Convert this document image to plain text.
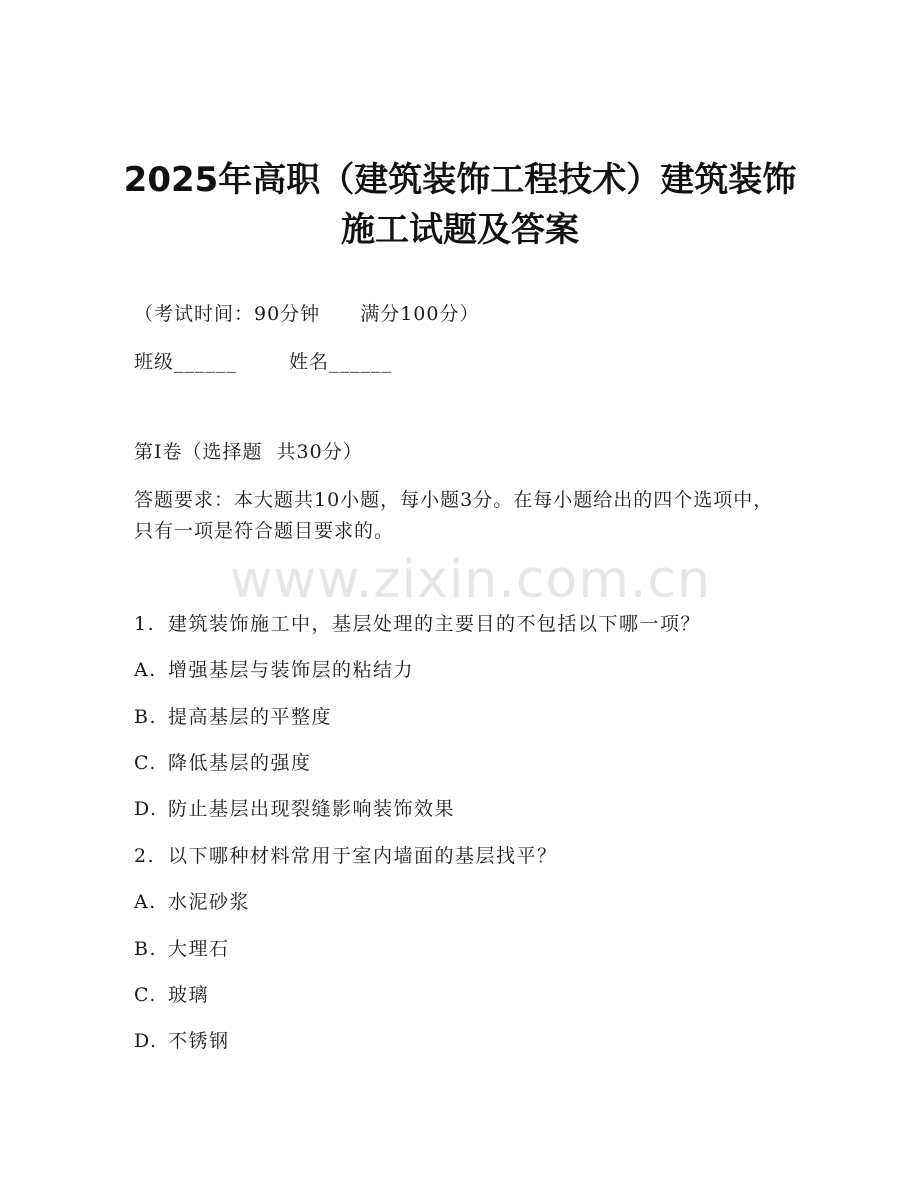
2025年高职（建筑装饰工程技术）建筑装饰
施工试题及答案
（考试时间：90分钟 满分100分）
班级______	姓名______
第I卷（选择题 共30分）
答题要求：本大题共10小题，每小题3分。在每小题给出的四个选项中，只有一项是符合题目要求的。
www.zixin.com.cn
1. 建筑装饰施工中，基层处理的主要目的不包括以下哪一项？
A. 增强基层与装饰层的粘结力
B. 提高基层的平整度
C. 降低基层的强度
D. 防止基层出现裂缝影响装饰效果
2. 以下哪种材料常用于室内墙面的基层找平？
A. 水泥砂浆
B. 大理石
C. 玻璃
D. 不锈钢
